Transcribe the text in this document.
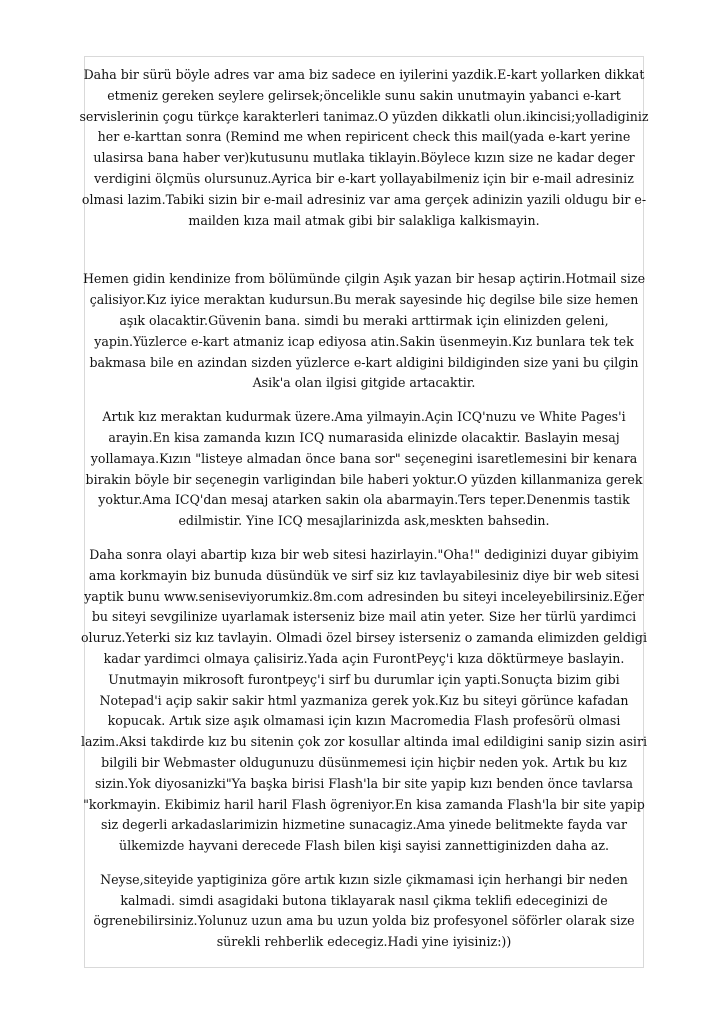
Daha bir sürü böyle adres var ama biz sadece en iyilerini yazdik.E-kart yollarken dikkat etmeniz gereken seylere gelirsek;öncelikle sunu sakin unutmayin yabanci e-kart servislerinin çogu türkçe karakterleri tanimaz.O yüzden dikkatli olun.ikincisi;yolladiginiz her e-karttan sonra (Remind me when repiricent check this mail(yada e-kart yerine ulasirsa bana haber ver)kutusunu mutlaka tiklayin.Böylece kızın size ne kadar deger verdigini ölçmüs olursunuz.Ayrica bir e-kart yollayabilmeniz için bir e-mail adresiniz olmasi lazim.Tabiki sizin bir e-mail adresiniz var ama gerçek adinizin yazili oldugu bir e-mailden kıza mail atmak gibi bir salakliga kalkismayin.

Hemen gidin kendinize from bölümünde çilgin Aşık yazan bir hesap açtirin.Hotmail size çalisiyor.Kız iyice meraktan kudursun.Bu merak sayesinde hiç degilse bile size hemen aşık olacaktir.Güvenin bana. simdi bu meraki arttirmak için elinizden geleni, yapin.Yüzlerce e-kart atmaniz icap ediyosa atin.Sakin üsenmeyin.Kız bunlara tek tek bakmasa bile en azindan sizden yüzlerce e-kart aldigini bildiginden size yani bu çilgin Asik'a olan ilgisi gitgide artacaktir.

Artık kız meraktan kudurmak üzere.Ama yilmayin.Açin ICQ'nuzu ve White Pages'i arayin.En kisa zamanda kızın ICQ numarasida elinizde olacaktir. Baslayin mesaj yollamaya.Kızın "listeye almadan önce bana sor" seçenegini isaretlemesini bir kenara birakin böyle bir seçenegin varligindan bile haberi yoktur.O yüzden killanmaniza gerek yoktur.Ama ICQ'dan mesaj atarken sakin ola abarmayin.Ters teper.Denenmis tastik edilmistir. Yine ICQ mesajlarinizda ask,meskten bahsedin.

Daha sonra olayi abartip kıza bir web sitesi hazirlayin."Oha!" dediginizi duyar gibiyim ama korkmayin biz bunuda düsündük ve sirf siz kız tavlayabilesiniz diye bir web sitesi yaptik bunu www.seniseviyorumkiz.8m.com adresinden bu siteyi inceleyebilirsiniz.Eğer bu siteyi sevgilinize uyarlamak isterseniz bize mail atin yeter. Size her türlü yardimci oluruz.Yeterki siz kız tavlayin. Olmadi özel birsey isterseniz o zamanda elimizden geldigi kadar yardimci olmaya çalisiriz.Yada açin FurontPeyç'i kıza döktürmeye baslayin. Unutmayin mikrosoft furontpeyç'i sirf bu durumlar için yapti.Sonuçta bizim gibi Notepad'i açip sakir sakir html yazmaniza gerek yok.Kız bu siteyi görünce kafadan kopucak. Artık size aşık olmamasi için kızın Macromedia Flash profesörü olmasi lazim.Aksi takdirde kız bu sitenin çok zor kosullar altinda imal edildigini sanip sizin asiri bilgili bir Webmaster oldugunuzu düsünmemesi için hiçbir neden yok. Artık bu kız sizin.Yok diyosanizki"Ya başka birisi Flash'la bir site yapip kızı benden önce tavlarsa "korkmayin. Ekibimiz haril haril Flash ögreniyor.En kisa zamanda Flash'la bir site yapip siz degerli arkadaslarimizin hizmetine sunacagiz.Ama yinede belitmekte fayda var ülkemizde hayvani derecede Flash bilen kişi sayisi zannettiginizden daha az.

Neyse,siteyide yaptiginiza göre artık kızın sizle çikmamasi için herhangi bir neden kalmadi. simdi asagidaki butona tiklayarak nasıl çikma teklifi edeceginizi de ögrenebilirsiniz.Yolunuz uzun ama bu uzun yolda biz profesyonel söförler olarak size sürekli rehberlik edecegiz.Hadi yine iyisiniz:))
